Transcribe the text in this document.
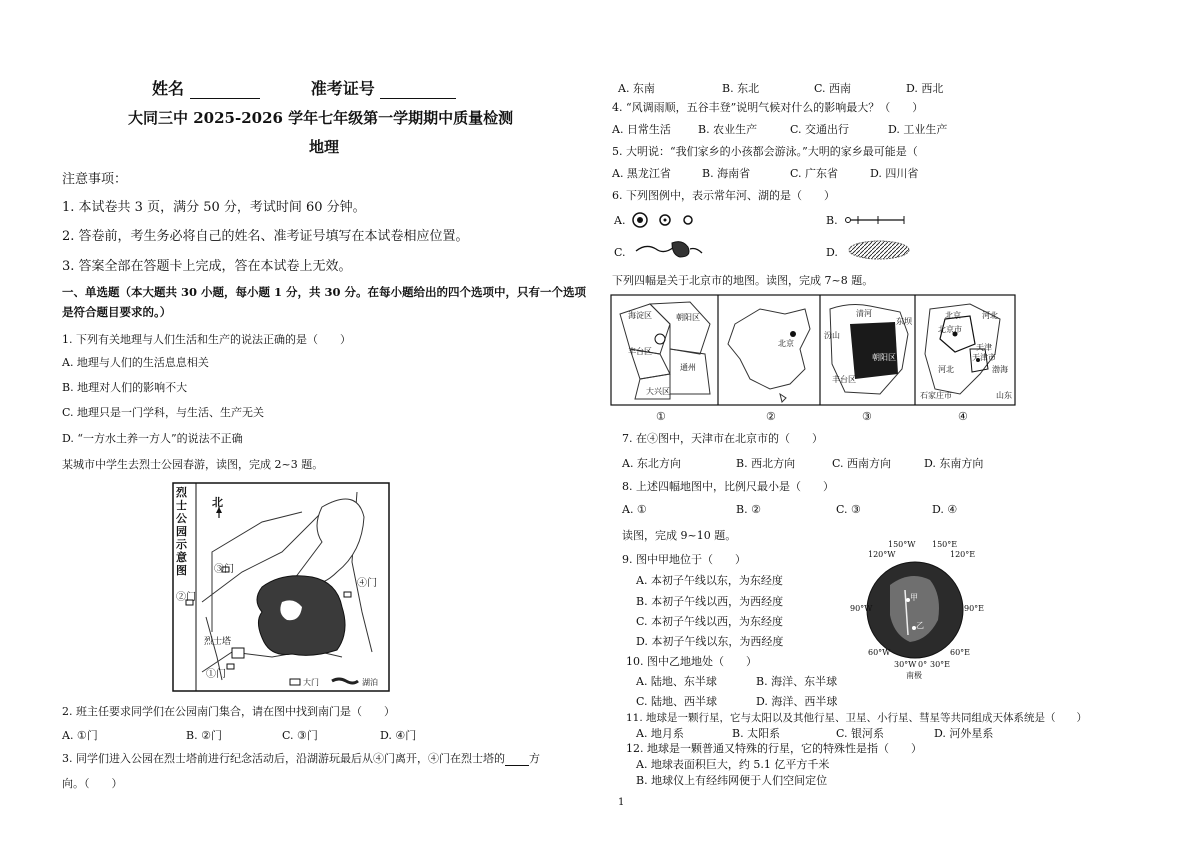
姓名	准考证号
大同三中 2025-2026 学年七年级第一学期期中质量检测
地理
注意事项：
1. 本试卷共 3 页，满分 50 分，考试时间 60 分钟。
2. 答卷前，考生务必将自己的姓名、准考证号填写在本试卷相应位置。
3. 答案全部在答题卡上完成，答在本试卷上无效。
一、单选题（本大题共 30 小题，每小题 1 分，共 30 分。在每小题给出的四个选项中，只有一个选项
是符合题目要求的。）
1. 下列有关地理与人们生活和生产的说法正确的是（　　）
A. 地理与人们的生活息息相关
B. 地理对人们的影响不大
C. 地理只是一门学科，与生活、生产无关
D. “一方水土养一方人”的说法不正确
某城市中学生去烈士公园春游，读图，完成 2~3 题。
烈士公园示意图
北
③门
④门
②门
①门
烈士塔
大门	湖泊
2. 班主任要求同学们在公园南门集合，请在图中找到南门是（　　）
A. ①门	B. ②门	C. ③门	D. ④门
3. 同学们进入公园在烈士塔前进行纪念活动后，沿湖游玩最后从④门离开，④门在烈士塔的 方
向。（　　）
A. 东南	B. 东北	C. 西南	D. 西北
4. “风调雨顺，五谷丰登”说明气候对什么的影响最大？（　　）
A. 日常生活 B. 农业生产	C. 交通出行	D. 工业生产
5. 大明说：“我们家乡的小孩都会游泳。”大明的家乡最可能是（
A. 黑龙江省	B. 海南省	C. 广东省	D. 四川省
6. 下列图例中，表示常年河、湖的是（　　）
A.	B.
C.	D.
下列四幅是关于北京市的地图。读图，完成 7~8 题。
海淀区	朝阳区
丰台区
通州
大兴区
北京
清河
东坝
汾山
朝阳区
丰台区
北京
北京市
河北
天津
天津市
河北	渤海
石家庄市	山东
①	②	③	④
7. 在④图中，天津市在北京市的（　　）
A. 东北方向	B. 西北方向	C. 西南方向	D. 东南方向
8. 上述四幅地图中，比例尺最小是（　　）
A. ①	B. ②	C. ③	D. ④
读图，完成 9~10 题。
150°W 150°E
120°W	120°E
90°W	90°E
60°W	60°E
30°W 0° 30°E
甲
乙
南极
9. 图中甲地位于（　　）
A. 本初子午线以东，为东经度
B. 本初子午线以西，为西经度
C. 本初子午线以西，为东经度
D. 本初子午线以东，为西经度
10. 图中乙地地处（　　）
A. 陆地、东半球	B. 海洋、东半球
C. 陆地、西半球	D. 海洋、西半球
11. 地球是一颗行星，它与太阳以及其他行星、卫星、小行星、彗星等共同组成天体系统是（　　）
A. 地月系	B. 太阳系	C. 银河系	D. 河外星系
12. 地球是一颗普通又特殊的行星，它的特殊性是指（　　）
A. 地球表面积巨大，约 5.1 亿平方千米
B. 地球仪上有经纬网便于人们空间定位
1
